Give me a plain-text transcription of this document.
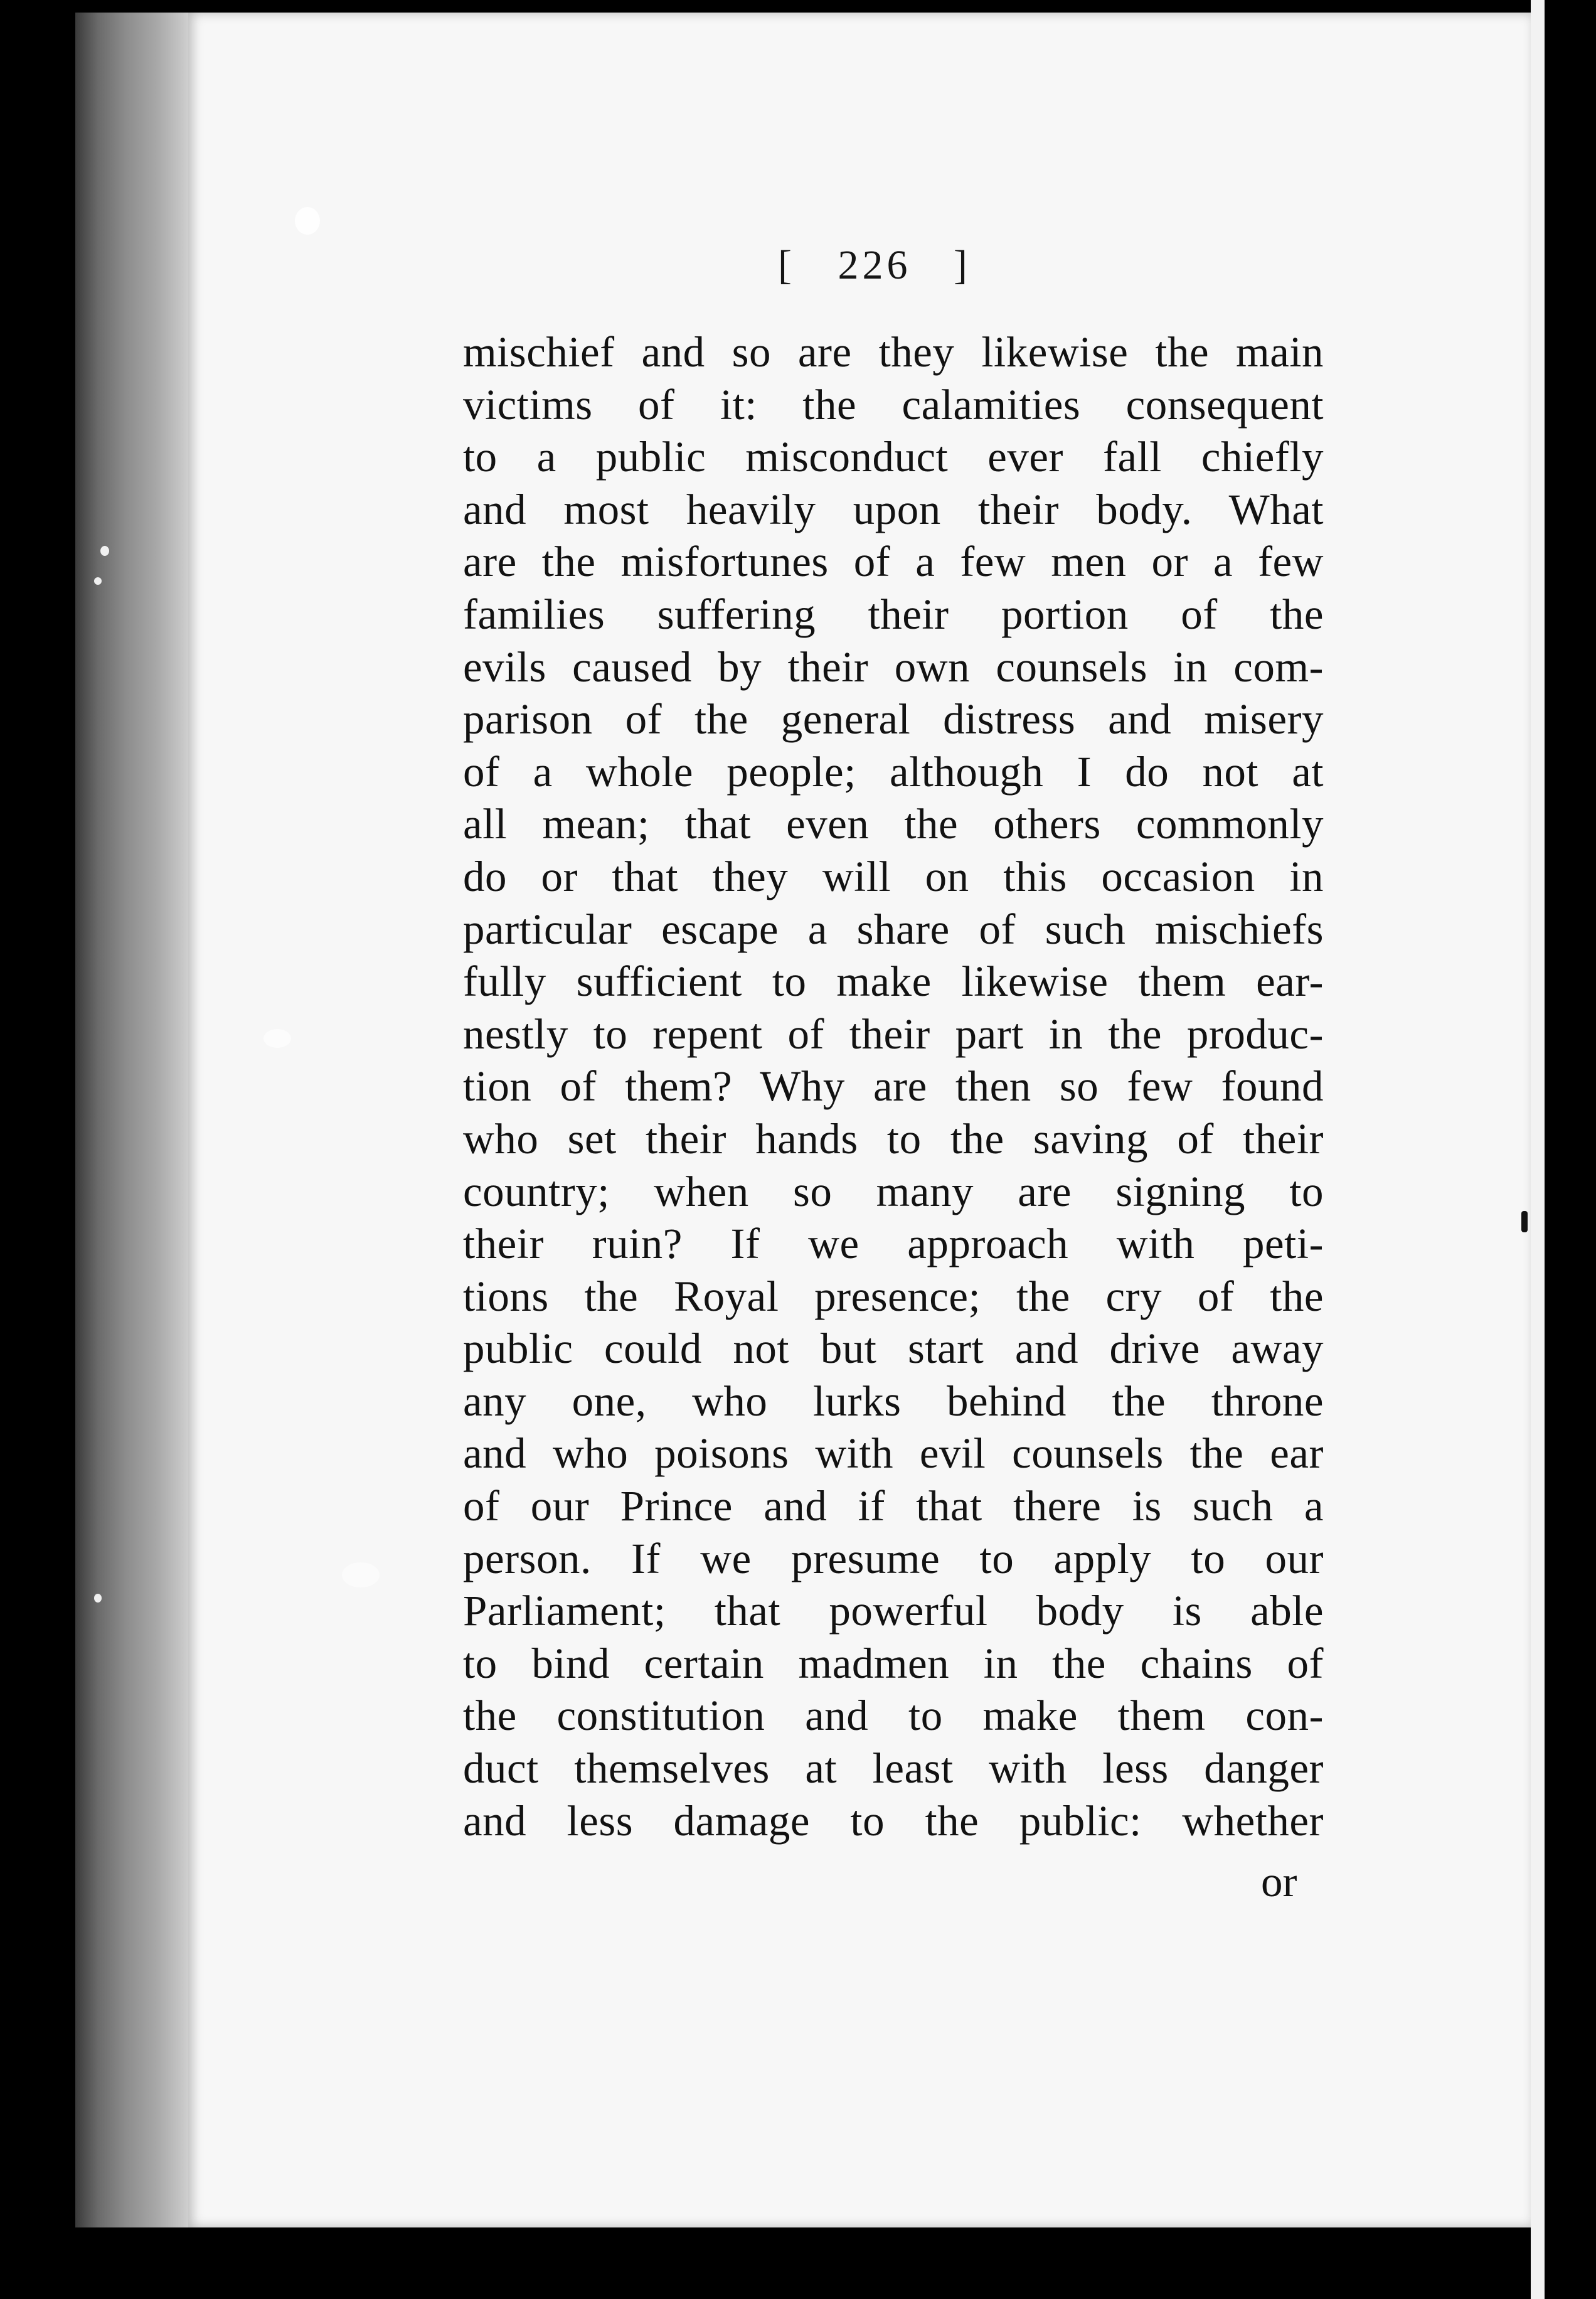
[   226   ]
mischief and so are they likewise the main
victims of it: the calamities consequent
to a public misconduct ever fall chiefly
and most heavily upon their body. What
are the misfortunes of a few men or a few
families suffering their portion of the
evils caused by their own counsels in com-
parison of the general distress and misery
of a whole people; although I do not at
all mean; that even the others commonly
do or that they will on this occasion in
particular escape a share of such mischiefs
fully sufficient to make likewise them ear-
nestly to repent of their part in the produc-
tion of them? Why are then so few found
who set their hands to the saving of their
country; when so many are signing to
their ruin? If we approach with peti-
tions the Royal presence; the cry of the
public could not but start and drive away
any one, who lurks behind the throne
and who poisons with evil counsels the ear
of our Prince and if that there is such a
person. If we presume to apply to our
Parliament; that powerful body is able
to bind certain madmen in the chains of
the constitution and to make them con-
duct themselves at least with less danger
and less damage to the public: whether
or
